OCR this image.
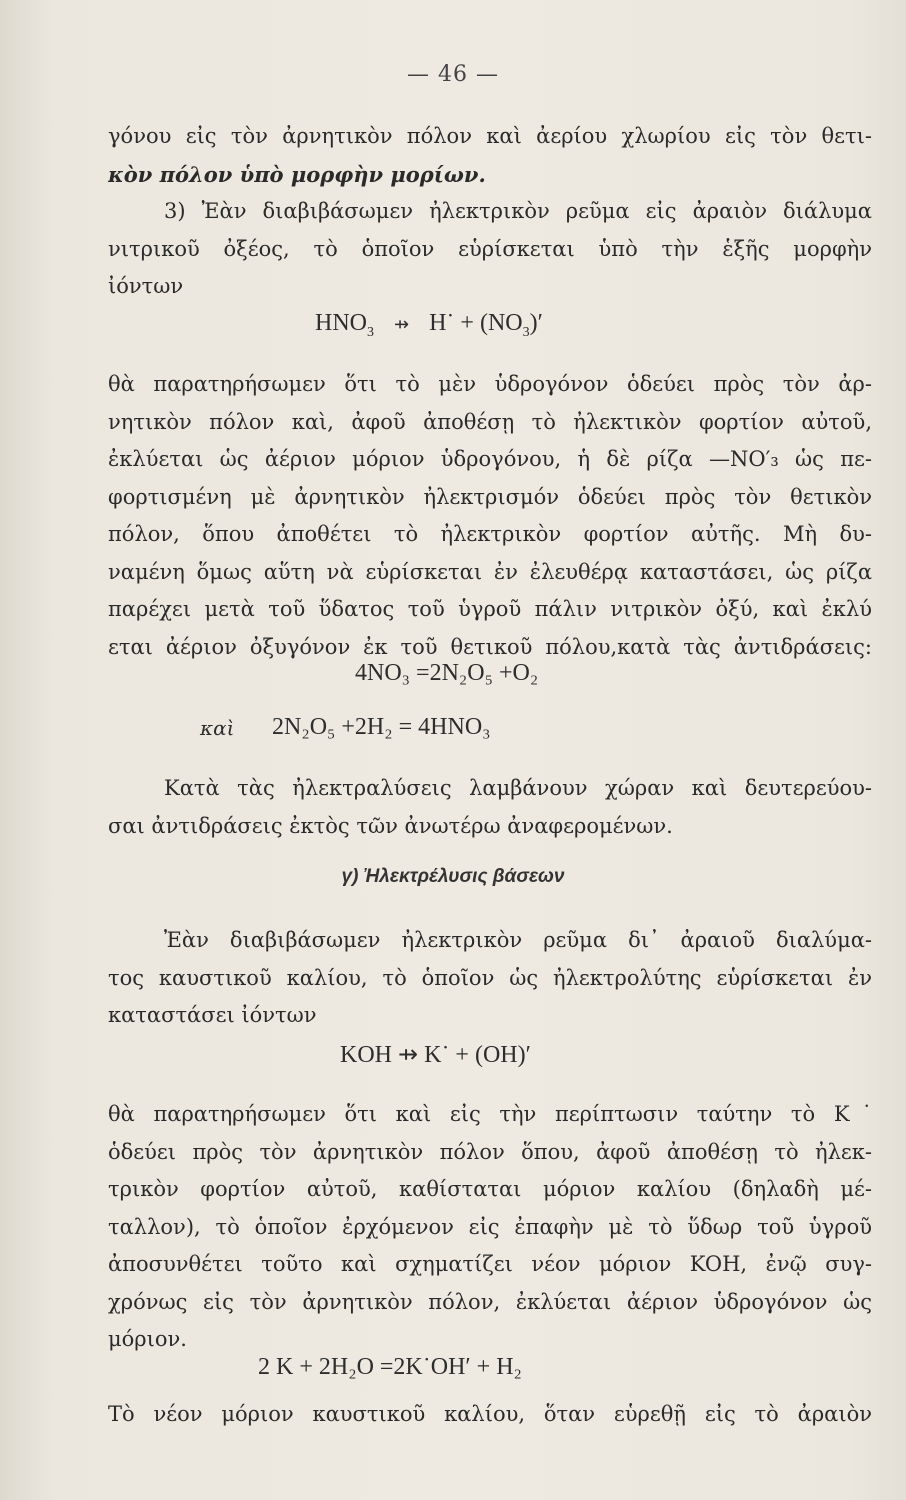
— 46 —
γόνου εἰς τὸν ἀρνητικὸν πόλον καὶ ἀερίου χλωρίου εἰς τὸν θετι-
κὸν πόλον ὑπὸ μορφὴν μορίων.
3) Ἐὰν διαβιβάσωμεν ἠλεκτρικὸν ρεῦμα εἰς ἀραιὸν διάλυμα
νιτρικοῦ ὀξέος, τὸ ὁποῖον εὑρίσκεται ὑπὸ τὴν ἑξῆς μορφὴν
ἰόντων
$HNO_3$ ⇸ H˙ + $(NO_3)'$
θὰ παρατηρήσωμεν ὅτι τὸ μὲν ὑδρογόνον ὁδεύει πρὸς τὸν ἀρ-
νητικὸν πόλον καὶ, ἀφοῦ ἀποθέσῃ τὸ ἠλεκτικὸν φορτίον αὐτοῦ,
ἐκλύεται ὡς ἀέριον μόριον ὑδρογόνου, ἡ δὲ ρίζα —NO′₃ ὡς πε-
φορτισμένη μὲ ἀρνητικὸν ἠλεκτρισμόν ὁδεύει πρὸς τὸν θετικὸν
πόλον, ὅπου ἀποθέτει τὸ ἠλεκτρικὸν φορτίον αὐτῆς. Μὴ δυ-
ναμένη ὅμως αὕτη νὰ εὑρίσκεται ἐν ἐλευθέρᾳ καταστάσει, ὡς ρίζα
παρέχει μετὰ τοῦ ὕδατος τοῦ ὑγροῦ πάλιν νιτρικὸν ὀξύ, καὶ ἐκλύ
εται ἀέριον ὀξυγόνον ἐκ τοῦ θετικοῦ πόλου,κατὰ τὰς ἀντιδράσεις:
4NO₃ =2N₂O₅ +O₂
καὶ 2N₂O₅ +2H₂ = 4HNO₃
Κατὰ τὰς ἠλεκτραλύσεις λαμβάνουν χώραν καὶ δευτερεύου-
σαι ἀντιδράσεις ἐκτὸς τῶν ἀνωτέρω ἀναφερομένων.
γ) Ἠλεκτρέλυσις βάσεων
Ἐὰν διαβιβάσωμεν ἠλεκτρικὸν ρεῦμα δι᾽ ἀραιοῦ διαλύμα-
τος καυστικοῦ καλίου, τὸ ὁποῖον ὡς ἠλεκτρολύτης εὑρίσκεται ἐν
καταστάσει ἰόντων
KOH ⇸ K˙ + (OH)′
θὰ παρατηρήσωμεν ὅτι καὶ εἰς τὴν περίπτωσιν ταύτην τὸ K˙
ὁδεύει πρὸς τὸν ἀρνητικὸν πόλον ὅπου, ἀφοῦ ἀποθέσῃ τὸ ἠλεκ-
τρικὸν φορτίον αὐτοῦ, καθίσταται μόριον καλίου (δηλαδὴ μέ-
ταλλον), τὸ ὁποῖον ἐρχόμενον εἰς ἐπαφὴν μὲ τὸ ὕδωρ τοῦ ὑγροῦ
ἀποσυνθέτει τοῦτο καὶ σχηματίζει νέον μόριον KOH, ἐνῷ συγ-
χρόνως εἰς τὸν ἀρνητικὸν πόλον, ἐκλύεται ἀέριον ὑδρογόνον ὡς
μόριον.
2 K + 2H₂O =2K˙OH′ + H₂
Τὸ νέον μόριον καυστικοῦ καλίου, ὅταν εὑρεθῇ εἰς τὸ ἀραιὸν
